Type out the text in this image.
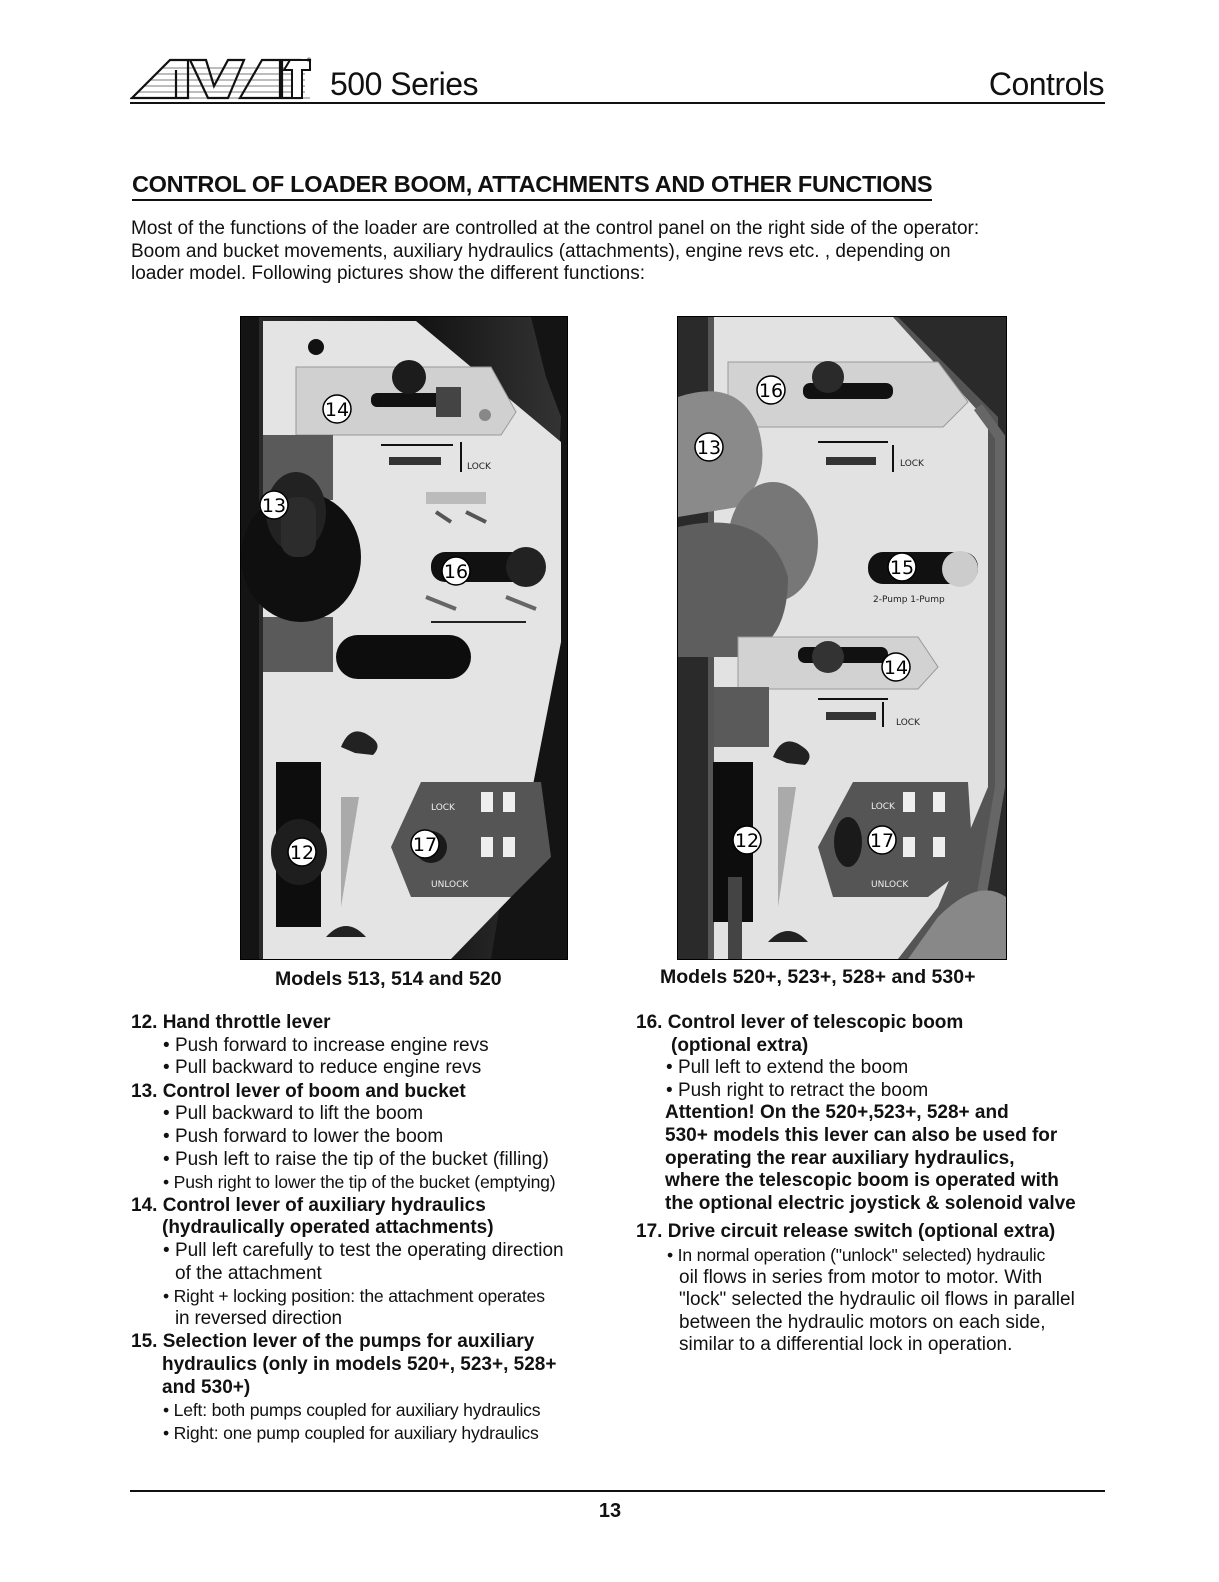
®
500 Series	Controls
CONTROL OF LOADER BOOM, ATTACHMENTS AND OTHER FUNCTIONS
Most of the functions of the loader are controlled at the control panel on the right side of the operator:
Boom and bucket movements, auxiliary hydraulics (attachments), engine revs etc. , depending on
loader model. Following pictures show the different functions:
LOCK
LOCK
UNLOCK
14
13
16
12	17
LOCK
2-Pump 1-Pump
LOCK
LOCK
UNLOCK
16
13
15
14
12	17
Models 513, 514 and 520	Models 520+, 523+, 528+ and 530+
12. Hand throttle lever
• Push forward to increase engine revs
• Pull backward to reduce engine revs
13. Control lever of boom and bucket
• Pull backward to lift the boom
• Push forward to lower the boom
• Push left to raise the tip of the bucket (filling)
• Push right to lower the tip of the bucket (emptying)
14. Control lever of auxiliary hydraulics
(hydraulically operated attachments)
• Pull left carefully to test the operating direction
of the attachment
• Right + locking position: the attachment operates
in reversed direction
15. Selection lever of the pumps for auxiliary
hydraulics (only in models 520+, 523+, 528+
and 530+)
• Left: both pumps coupled for auxiliary hydraulics
• Right: one pump coupled for auxiliary hydraulics
16. Control lever of telescopic boom
(optional extra)
• Pull left to extend the boom
• Push right to retract the boom
Attention! On the 520+,523+, 528+ and
530+ models this lever can also be used for
operating the rear auxiliary hydraulics,
where the telescopic boom is operated with
the optional electric joystick & solenoid valve
17. Drive circuit release switch (optional extra)
• In normal operation ("unlock" selected) hydraulic
oil flows in series from motor to motor. With
"lock" selected the hydraulic oil flows in parallel
between the hydraulic motors on each side,
similar to a differential lock in operation.
13
